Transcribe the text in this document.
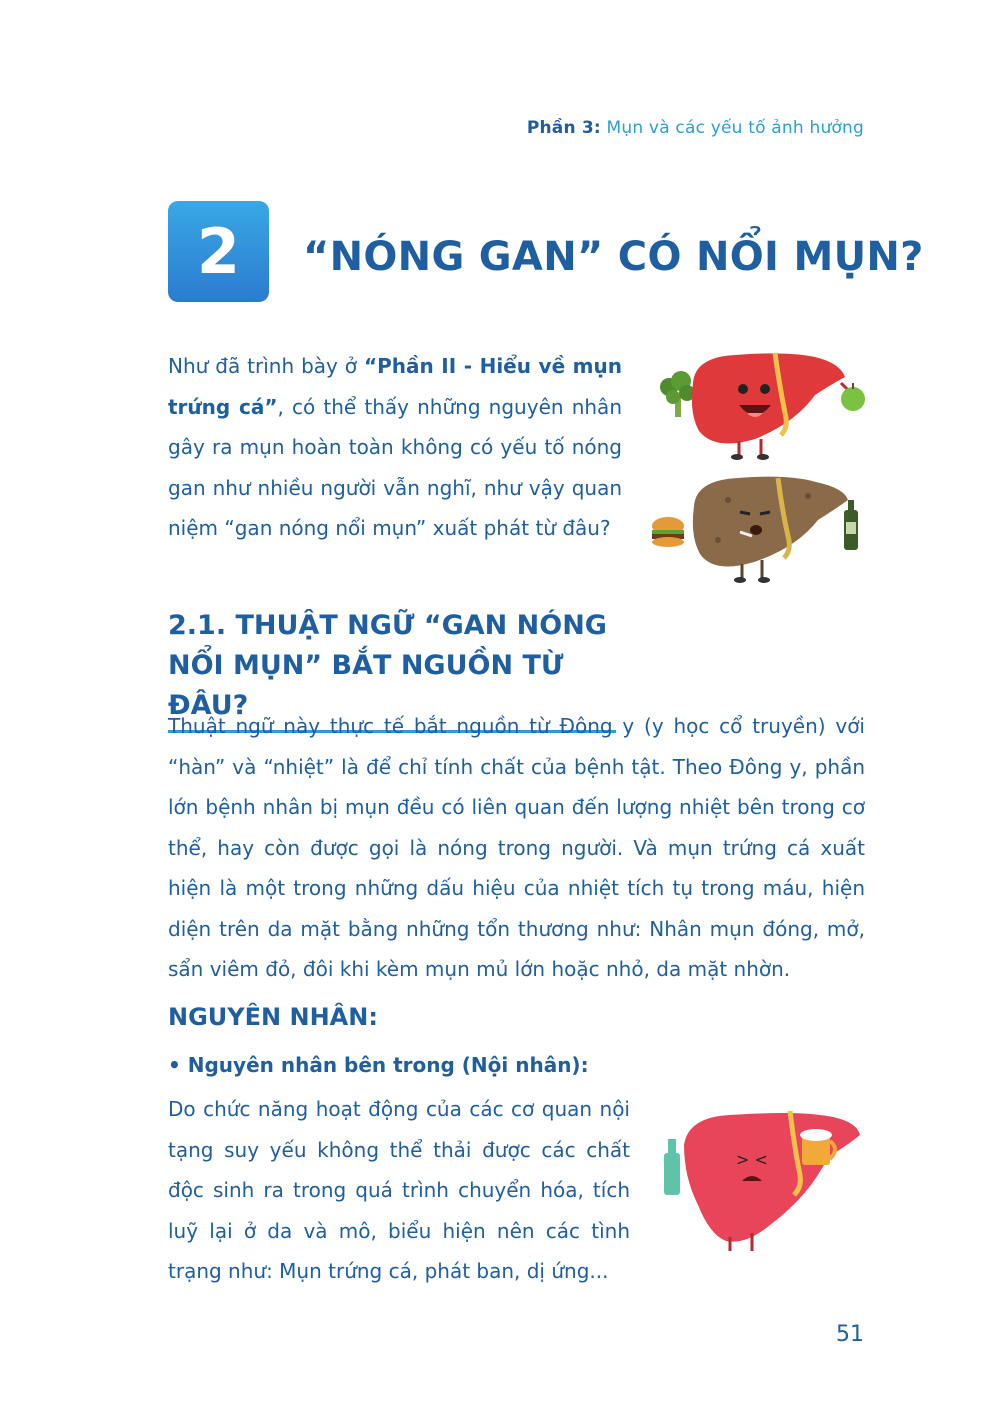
Phần 3: Mụn và các yếu tố ảnh hưởng
2	“NÓNG GAN” CÓ NỔI MỤN?

Như đã trình bày ở “Phần II - Hiểu về mụn trứng cá”, có thể thấy những nguyên nhân gây ra mụn hoàn toàn không có yếu tố nóng gan như nhiều người vẫn nghĩ, như vậy quan niệm “gan nóng nổi mụn” xuất phát từ đâu?

2.1. THUẬT NGỮ “GAN NÓNG
NỔI MỤN” BẮT NGUỒN TỪ ĐÂU?

Thuật ngữ này thực tế bắt nguồn từ Đông y (y học cổ truyền) với “hàn” và “nhiệt” là để chỉ tính chất của bệnh tật. Theo Đông y, phần lớn bệnh nhân bị mụn đều có liên quan đến lượng nhiệt bên trong cơ thể, hay còn được gọi là nóng trong người. Và mụn trứng cá xuất hiện là một trong những dấu hiệu của nhiệt tích tụ trong máu, hiện diện trên da mặt bằng những tổn thương như: Nhân mụn đóng, mở, sẩn viêm đỏ, đôi khi kèm mụn mủ lớn hoặc nhỏ, da mặt nhờn.

NGUYÊN NHÂN:
• Nguyên nhân bên trong (Nội nhân):

Do chức năng hoạt động của các cơ quan nội tạng suy yếu không thể thải được các chất độc sinh ra trong quá trình chuyển hóa, tích luỹ lại ở da và mô, biểu hiện nên các tình trạng như: Mụn trứng cá, phát ban, dị ứng...

> <
51
